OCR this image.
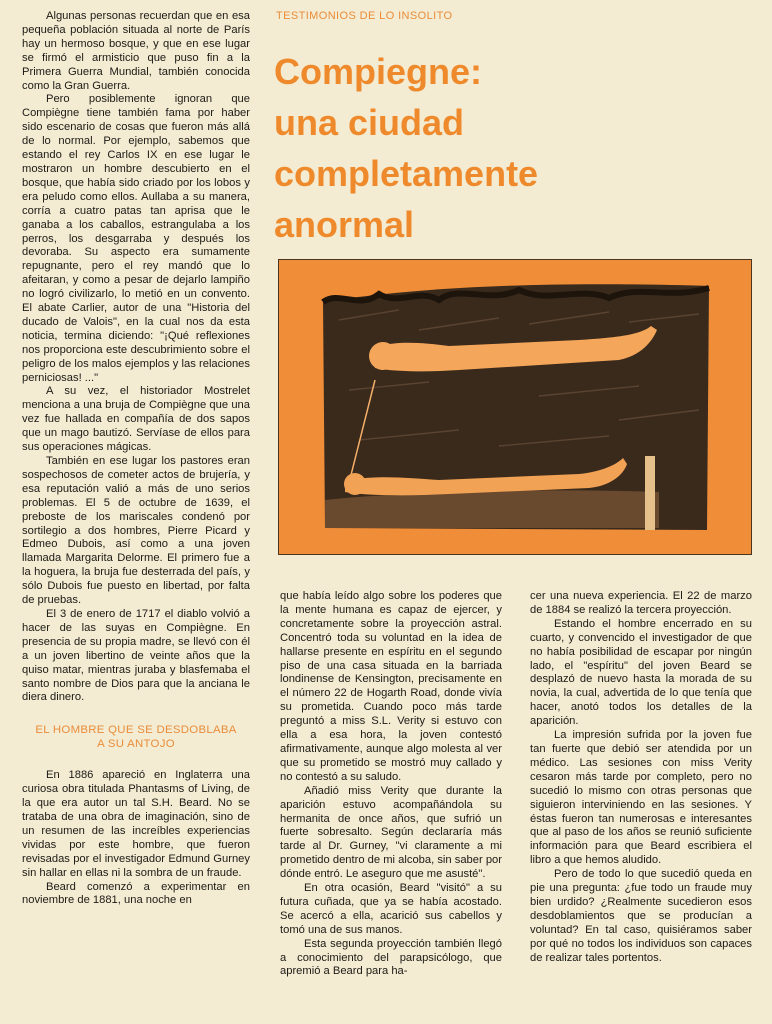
TESTIMONIOS DE LO INSOLITO
Compiegne:
una ciudad
completamente
anormal

Algunas personas recuerdan que en esa pequeña población situada al norte de París hay un hermoso bosque, y que en ese lugar se firmó el armisticio que puso fin a la Primera Guerra Mundial, también conocida como la Gran Guerra.

Pero posiblemente ignoran que Compiègne tiene también fama por haber sido escenario de cosas que fueron más allá de lo normal. Por ejemplo, sabemos que estando el rey Carlos IX en ese lugar le mostraron un hombre descubierto en el bosque, que había sido criado por los lobos y era peludo como ellos. Aullaba a su manera, corría a cuatro patas tan aprisa que le ganaba a los caballos, estrangulaba a los perros, los desgarraba y después los devoraba. Su aspecto era sumamente repugnante, pero el rey mandó que lo afeitaran, y como a pesar de dejarlo lampiño no logró civilizarlo, lo metió en un convento. El abate Carlier, autor de una "Historia del ducado de Valois", en la cual nos da esta noticia, termina diciendo: "¡Qué reflexiones nos proporciona este descubrimiento sobre el peligro de los malos ejemplos y las relaciones perniciosas! ..."

A su vez, el historiador Mostrelet menciona a una bruja de Compiègne que una vez fue hallada en compañía de dos sapos que un mago bautizó. Servíase de ellos para sus operaciones mágicas.

También en ese lugar los pastores eran sospechosos de cometer actos de brujería, y esa reputación valió a más de uno serios problemas. El 5 de octubre de 1639, el preboste de los mariscales condenó por sortilegio a dos hombres, Pierre Picard y Edmeo Dubois, así como a una joven llamada Margarita Delorme. El primero fue a la hoguera, la bruja fue desterrada del país, y sólo Dubois fue puesto en libertad, por falta de pruebas.

El 3 de enero de 1717 el diablo volvió a hacer de las suyas en Compiègne. En presencia de su propia madre, se llevó con él a un joven libertino de veinte años que la quiso matar, mientras juraba y blasfemaba el santo nombre de Dios para que la anciana le diera dinero.

EL HOMBRE QUE SE DESDOBLABA A SU ANTOJO

En 1886 apareció en Inglaterra una curiosa obra titulada Phantasms of Living, de la que era autor un tal S.H. Beard. No se trataba de una obra de imaginación, sino de un resumen de las increíbles experiencias vividas por este hombre, que fueron revisadas por el investigador Edmund Gurney sin hallar en ellas ni la sombra de un fraude.

Beard comenzó a experimentar en noviembre de 1881, una noche en

que había leído algo sobre los poderes que la mente humana es capaz de ejercer, y concretamente sobre la proyección astral. Concentró toda su voluntad en la idea de hallarse presente en espíritu en el segundo piso de una casa situada en la barriada londinense de Kensington, precisamente en el número 22 de Hogarth Road, donde vivía su prometida. Cuando poco más tarde preguntó a miss S.L. Verity si estuvo con ella a esa hora, la joven contestó afirmativamente, aunque algo molesta al ver que su prometido se mostró muy callado y no contestó a su saludo.

Añadió miss Verity que durante la aparición estuvo acompañándola su hermanita de once años, que sufrió un fuerte sobresalto. Según declararía más tarde al Dr. Gurney, "vi claramente a mi prometido dentro de mi alcoba, sin saber por dónde entró. Le aseguro que me asusté".

En otra ocasión, Beard "visitó" a su futura cuñada, que ya se había acostado. Se acercó a ella, acarició sus cabellos y tomó una de sus manos.

Esta segunda proyección también llegó a conocimiento del parapsicólogo, que apremió a Beard para ha-

cer una nueva experiencia. El 22 de marzo de 1884 se realizó la tercera proyección.

Estando el hombre encerrado en su cuarto, y convencido el investigador de que no había posibilidad de escapar por ningún lado, el "espíritu" del joven Beard se desplazó de nuevo hasta la morada de su novia, la cual, advertida de lo que tenía que hacer, anotó todos los detalles de la aparición.

La impresión sufrida por la joven fue tan fuerte que debió ser atendida por un médico. Las sesiones con miss Verity cesaron más tarde por completo, pero no sucedió lo mismo con otras personas que siguieron interviniendo en las sesiones. Y éstas fueron tan numerosas e interesantes que al paso de los años se reunió suficiente información para que Beard escribiera el libro a que hemos aludido.

Pero de todo lo que sucedió queda en pie una pregunta: ¿fue todo un fraude muy bien urdido? ¿Realmente sucedieron esos desdoblamientos que se producían a voluntad? En tal caso, quisiéramos saber por qué no todos los individuos son capaces de realizar tales portentos.
